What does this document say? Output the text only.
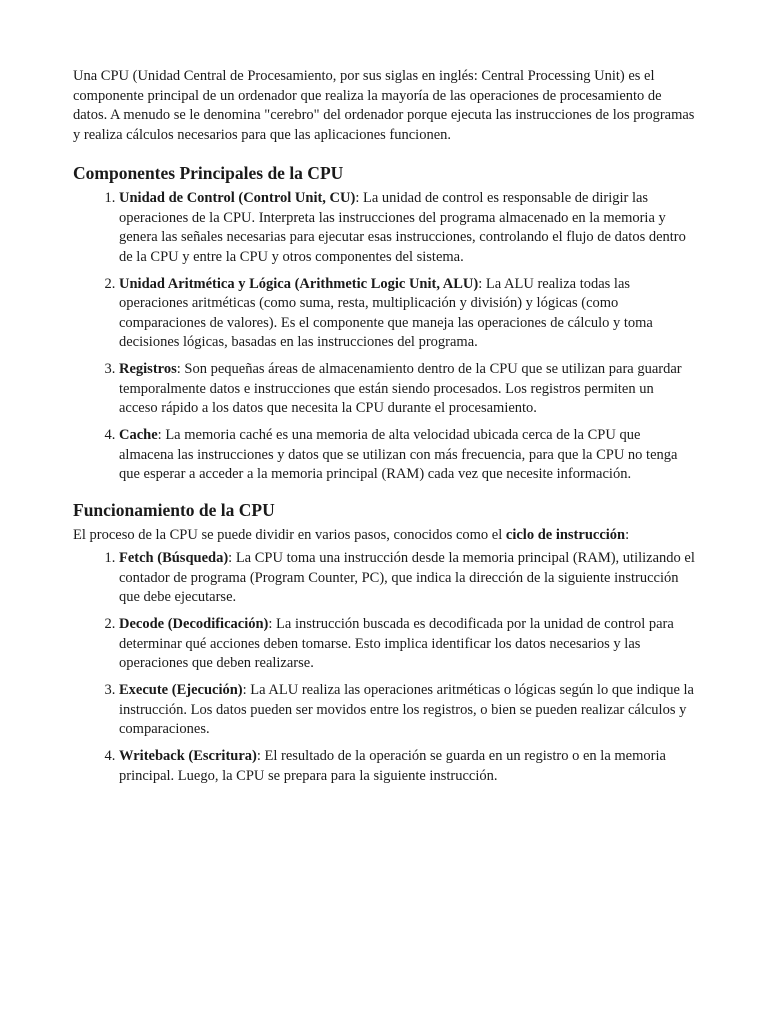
Una CPU (Unidad Central de Procesamiento, por sus siglas en inglés: Central Processing Unit) es el componente principal de un ordenador que realiza la mayoría de las operaciones de procesamiento de datos. A menudo se le denomina "cerebro" del ordenador porque ejecuta las instrucciones de los programas y realiza cálculos necesarios para que las aplicaciones funcionen.

Componentes Principales de la CPU
1. Unidad de Control (Control Unit, CU): La unidad de control es responsable de dirigir las operaciones de la CPU. Interpreta las instrucciones del programa almacenado en la memoria y genera las señales necesarias para ejecutar esas instrucciones, controlando el flujo de datos dentro de la CPU y entre la CPU y otros componentes del sistema.
2. Unidad Aritmética y Lógica (Arithmetic Logic Unit, ALU): La ALU realiza todas las operaciones aritméticas (como suma, resta, multiplicación y división) y lógicas (como comparaciones de valores). Es el componente que maneja las operaciones de cálculo y toma decisiones lógicas, basadas en las instrucciones del programa.
3. Registros: Son pequeñas áreas de almacenamiento dentro de la CPU que se utilizan para guardar temporalmente datos e instrucciones que están siendo procesados. Los registros permiten un acceso rápido a los datos que necesita la CPU durante el procesamiento.
4. Cache: La memoria caché es una memoria de alta velocidad ubicada cerca de la CPU que almacena las instrucciones y datos que se utilizan con más frecuencia, para que la CPU no tenga que esperar a acceder a la memoria principal (RAM) cada vez que necesite información.
Funcionamiento de la CPU

El proceso de la CPU se puede dividir en varios pasos, conocidos como el ciclo de instrucción:

1. Fetch (Búsqueda): La CPU toma una instrucción desde la memoria principal (RAM), utilizando el contador de programa (Program Counter, PC), que indica la dirección de la siguiente instrucción que debe ejecutarse.
2. Decode (Decodificación): La instrucción buscada es decodificada por la unidad de control para determinar qué acciones deben tomarse. Esto implica identificar los datos necesarios y las operaciones que deben realizarse.
3. Execute (Ejecución): La ALU realiza las operaciones aritméticas o lógicas según lo que indique la instrucción. Los datos pueden ser movidos entre los registros, o bien se pueden realizar cálculos y comparaciones.
4. Writeback (Escritura): El resultado de la operación se guarda en un registro o en la memoria principal. Luego, la CPU se prepara para la siguiente instrucción.
